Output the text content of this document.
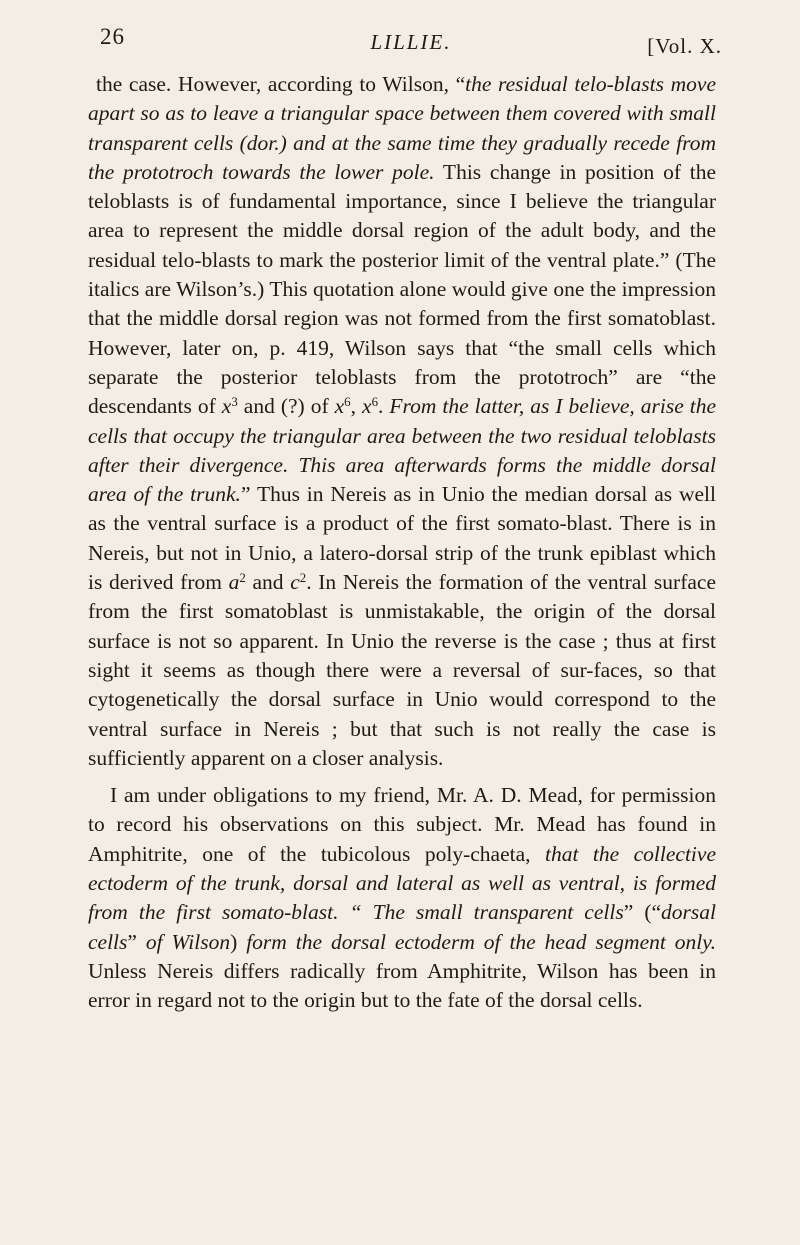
26	LILLIE.	[Vol. X.

the case. However, according to Wilson, “the residual telo-blasts move apart so as to leave a triangular space between them covered with small transparent cells (dor.) and at the same time they gradually recede from the prototroch towards the lower pole. This change in position of the teloblasts is of fundamental importance, since I believe the triangular area to represent the middle dorsal region of the adult body, and the residual telo-blasts to mark the posterior limit of the ventral plate.” (The italics are Wilson’s.) This quotation alone would give one the impression that the middle dorsal region was not formed from the first somatoblast. However, later on, p. 419, Wilson says that “the small cells which separate the posterior teloblasts from the prototroch” are “the descendants of $x^3$ and (?) of $x^6$, $x^6$. From the latter, as I believe, arise the cells that occupy the triangular area between the two residual teloblasts after their divergence. This area afterwards forms the middle dorsal area of the trunk.” Thus in Nereis as in Unio the median dorsal as well as the ventral surface is a product of the first somato-blast. There is in Nereis, but not in Unio, a latero-dorsal strip of the trunk epiblast which is derived from $a^2$ and $c^2$. In Nereis the formation of the ventral surface from the first somatoblast is unmistakable, the origin of the dorsal surface is not so apparent. In Unio the reverse is the case ; thus at first sight it seems as though there were a reversal of sur-faces, so that cytogenetically the dorsal surface in Unio would correspond to the ventral surface in Nereis ; but that such is not really the case is sufficiently apparent on a closer analysis.

I am under obligations to my friend, Mr. A. D. Mead, for permission to record his observations on this subject. Mr. Mead has found in Amphitrite, one of the tubicolous poly-chaeta, that the collective ectoderm of the trunk, dorsal and lateral as well as ventral, is formed from the first somato-blast. “ The small transparent cells” (“dorsal cells” of Wilson) form the dorsal ectoderm of the head segment only. Unless Nereis differs radically from Amphitrite, Wilson has been in error in regard not to the origin but to the fate of the dorsal cells.
